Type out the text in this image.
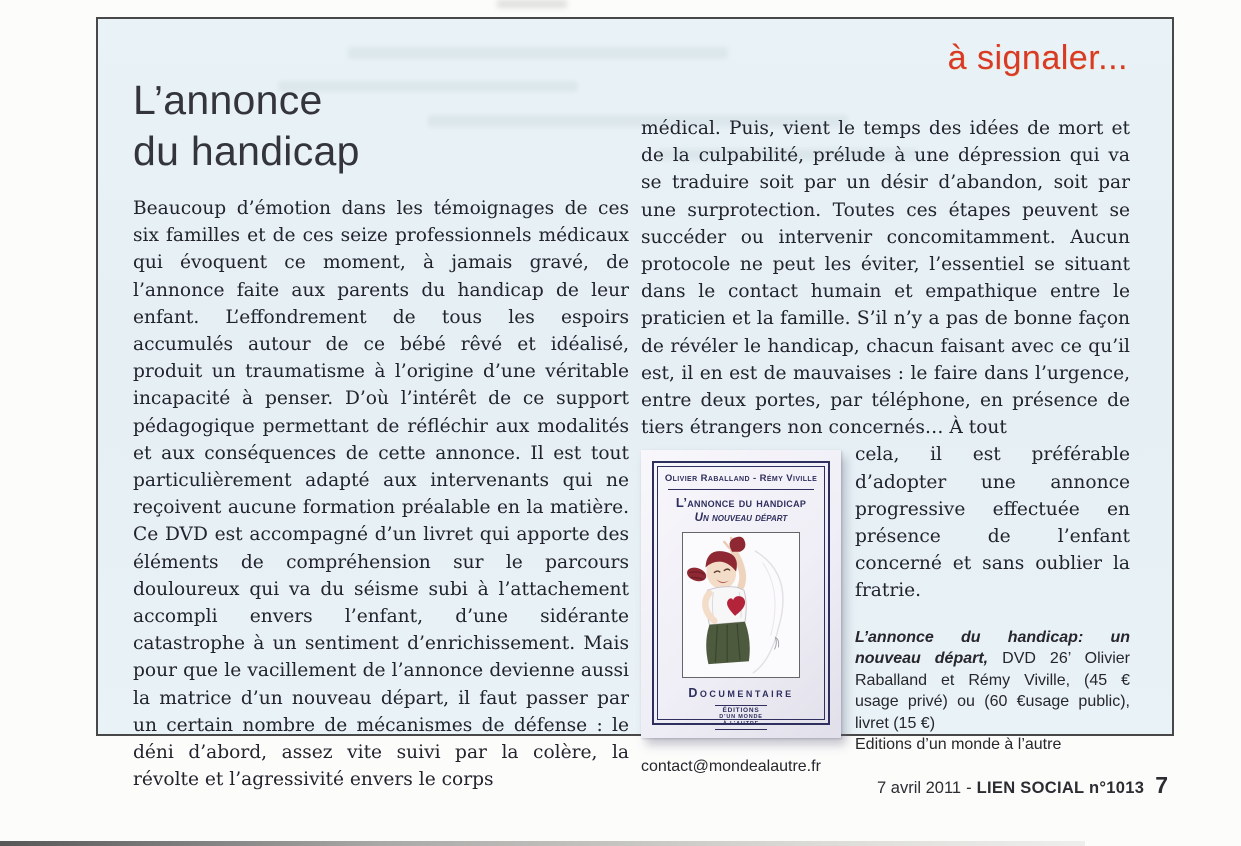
à signaler...
L’annonce
du handicap

Beaucoup d’émotion dans les témoignages de ces six familles et de ces seize professionnels médicaux qui évoquent ce moment, à jamais gravé, de l’annonce faite aux parents du handicap de leur enfant. L’effondrement de tous les espoirs accumulés autour de ce bébé rêvé et idéalisé, produit un traumatisme à l’origine d’une véritable incapacité à penser. D’où l’intérêt de ce support pédagogique permettant de réfléchir aux modalités et aux conséquences de cette annonce. Il est tout particulièrement adapté aux intervenants qui ne reçoivent aucune formation préalable en la matière. Ce DVD est accompagné d’un livret qui apporte des éléments de compréhension sur le parcours douloureux qui va du séisme subi à l’attachement accompli envers l’enfant, d’une sidérante catastrophe à un sentiment d’enrichissement. Mais pour que le vacillement de l’annonce devienne aussi la matrice d’un nouveau départ, il faut passer par un certain nombre de mécanismes de défense : le déni d’abord, assez vite suivi par la colère, la révolte et l’agressivité envers le corps

médical. Puis, vient le temps des idées de mort et de la culpabilité, prélude à une dépression qui va se traduire soit par un désir d’abandon, soit par une surprotection. Toutes ces étapes peuvent se succéder ou intervenir concomitamment. Aucun protocole ne peut les éviter, l’essentiel se situant dans le contact humain et empathique entre le praticien et la famille. S’il n’y a pas de bonne façon de révéler le handicap, chacun faisant avec ce qu’il est, il en est de mauvaises : le faire dans l’urgence, entre deux portes, par téléphone, en présence de tiers étrangers non concernés… À tout

Olivier Raballand - Rémy Viville
L’annonce du handicap
Un nouveau départ
Documentaire
ÉDITIONS
D’UN MONDE
À L’AUTRE

cela, il est préférable d’adopter une annonce progressive effectuée en présence de l’enfant concerné et sans oublier la fratrie.

L’annonce du handicap: un nouveau départ, DVD 26’ Olivier Raballand et Rémy Viville, (45 € usage privé) ou (60 €usage public), livret (15 €)
Editions d’un monde à l’autre
contact@mondealautre.fr

7 avril 2011 - LIEN SOCIAL n°1013 7
